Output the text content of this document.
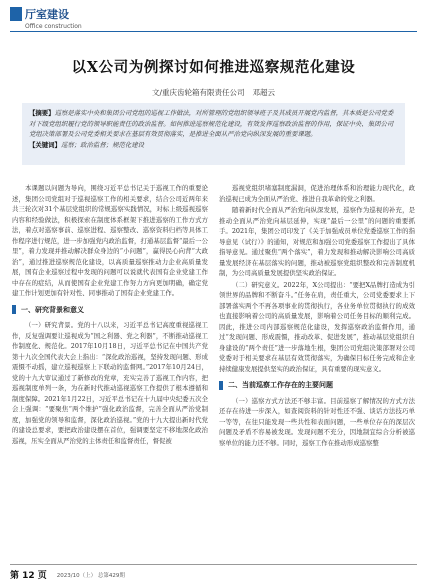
厅室建设
Office construction
以X公司为例探讨如何推进巡察规范化建设
文/重庆齿轮箱有限责任公司 邓超云
【摘要】巡察是落实中央和集团公司党组的巡视工作做法，对所管理的党组织领导班子及其成员开展党内监督，其本质是公司党委对下级党组织履行党的领导职能责任的政治监督。如何推进巡察规范化建设，有效发挥巡察政治监督的作用，保证中央、集团公司党组决策部署及公司党委相关要求在基层有效贯彻落实，是推进全面从严治党向纵深发展的重要课题。
【关键词】巡察；政治监督；规范化建设

本课题以问题为导向，围绕习近平总书记关于巡视工作的重要论述，集团公司党组对于巡视巡察工作的相关要求，结合公司近两年来共三轮次对31个基层党组织的常规巡察实践情况，对标上级巡视巡察内容和经验做法，积极探索在制度体系框架下推进巡察的工作方式方法，着点对巡察事前、巡察进程、巡察整改、巡察资料归档等具体工作程序进行规范，进一步加强党内政治监督，打通基层监督“最后一公里”，着力发现并推动解决群众身边的“小问题”，赢得民心向背“大政治”，通过推进巡察规范化建设，以高质量巡察推动力企业高质量发展，国有企业巡察过程中发现的问题可以说就代表国有企业党建工作中存在的症结，从而使国有企业党建工作努力方向更加明确，确定党建工作计划更加有针对性、同事推动了国有企业党建工作。

一、研究背景和意义

（一）研究背景。党的十八以来，习近平总书记高度重视巡视工作，反复强调要让巡视成为“国之利器、党之利器”，不断推动巡视工作制度化、规范化。2017年10月18日，习近平总书记在中国共产党第十九次全国代表大会上指出：“深化政治巡视，坚持发现问题、形成震慑不动摇，建立巡视巡察上下联动的监督网。”2017年10月24日，党的十九大审议通过了新修改的党章，充实完善了巡视工作内容，把巡视制度单列一条，为在新时代推动巡视巡察工作提供了根本遵循和制度保障。2021年1月22日，习近平总书记在十九届中央纪委五次全会上强调：“要聚焦“两个维护”强化政治监督，完善全面从严治党制度，加强党的领导和监督，深化政治巡视。”党的十九大提出新时代党的建设总要求，要把政治建设摆在首位，强调要坚定不移地深化政治巡视，压实全面从严治党的主体责任和监督责任，督促被

巡视党组织堵塞制度漏洞，促进治理体系和治理能力现代化，政治巡视已成为全面从严治党、推进自我革命的党之利器。

随着新时代全面从严治党向纵深发展，巡察作为巡视的补充，是推动全面从严治党向基层延伸，实现“最后一公里”的问题的重要抓手。2021年，集团公司印发了《关于加强成员单位党委巡察工作的指导意见（试行）》的通知，对规范和加强公司党委巡察工作提出了具体指导意见。通过聚焦“两个落实”，着力发现和推动解决影响公司高质量发展经济在基层落实的问题，推动被巡察党组织整改和完善制度机制，为公司高质量发展提供坚实政治保证。

（二）研究意义。2022年，X公司提出：“要把X品牌打造成为引领世界的品牌和不断奋斗。”任务在肩，责任重大，公司党委要求上下部署落实两个不再各项事业的贯彻执行，各业务单位贯彻执行的成效也直接影响着公司的高质量发展，影响着公司任务目标的顺利完成。因此，推进公司内部巡察规范化建设，发挥巡察政治监督作用，通过“发现问题、形成震慑，推动改革、促进发展”，推动基层党组织自身建设的“两个责任”进一步落地生根，集团公司党组决策部署对公司党委对于相关要求在基层有效贯彻落实，为确保目标任务完成和企业持续健康发展提供坚实的政治保证，具有重要的现实意义。

二、当前巡察工作存在的主要问题

（一）巡察方式方法还不够丰富。目前巡察了解情况的方式方法还存在待进一步深入，如查阅资料的针对性还不强、谈话方法技巧单一等等，在往只能发现一些共性和表面问题，一些单位存在的深层次问题及矛盾不容易被发现。发现问题不充分，因地制宜综合分析被巡察单位的能力还不够。同时，巡察工作在推动形成巡察整

第 12 页 2023/10（上） 总第429期
